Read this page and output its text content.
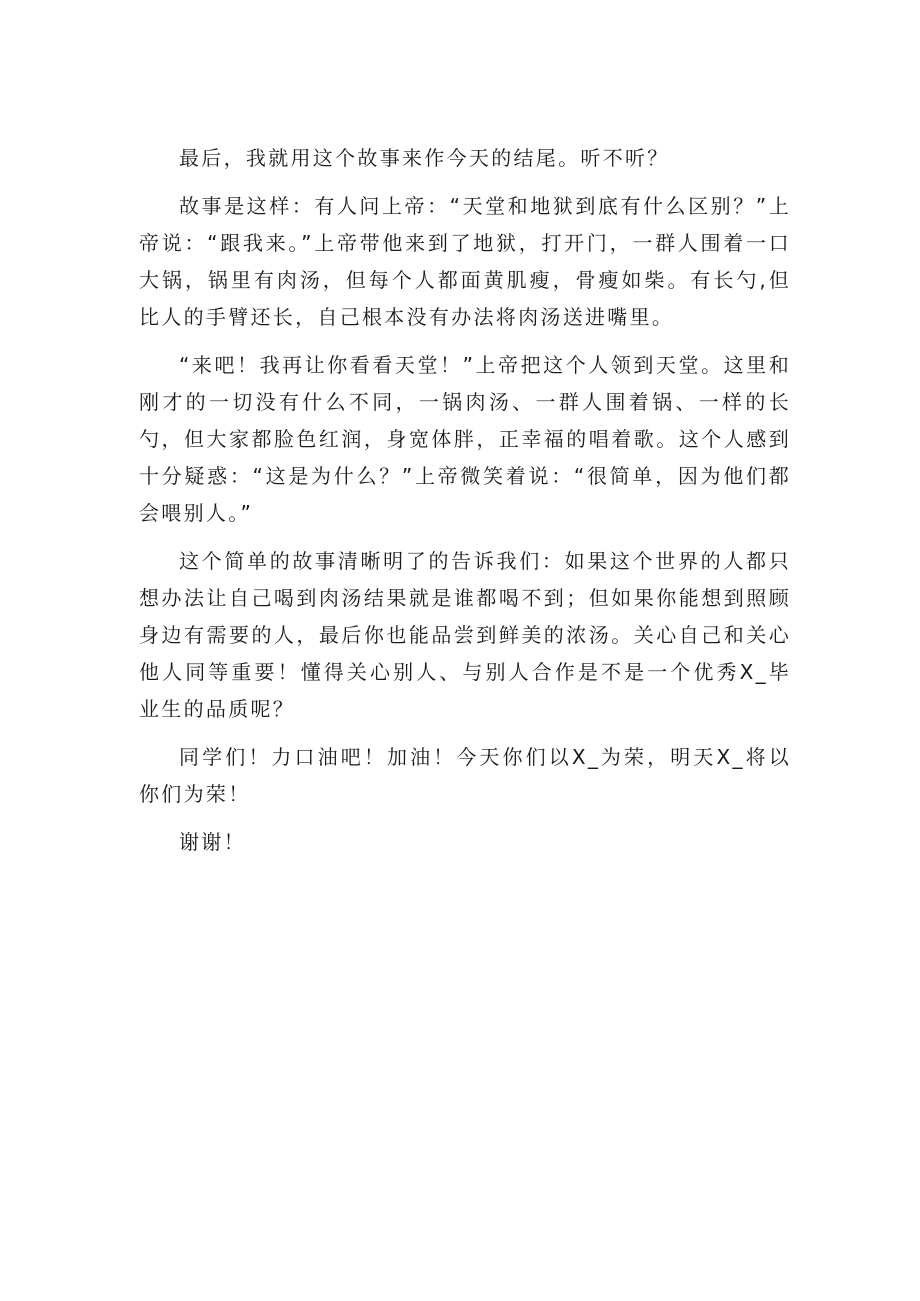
最后，我就用这个故事来作今天的结尾。听不听？

故事是这样：有人问上帝：“天堂和地狱到底有什么区别？”上帝说：“跟我来。”上帝带他来到了地狱，打开门，一群人围着一口大锅，锅里有肉汤，但每个人都面黄肌瘦，骨瘦如柴。有长勺,但比人的手臂还长，自己根本没有办法将肉汤送进嘴里。

“来吧！我再让你看看天堂！”上帝把这个人领到天堂。这里和刚才的一切没有什么不同，一锅肉汤、一群人围着锅、一样的长勺，但大家都脸色红润，身宽体胖，正幸福的唱着歌。这个人感到十分疑惑：“这是为什么？”上帝微笑着说：“很简单，因为他们都会喂别人。”

这个简单的故事清晰明了的告诉我们：如果这个世界的人都只想办法让自己喝到肉汤结果就是谁都喝不到；但如果你能想到照顾身边有需要的人，最后你也能品尝到鲜美的浓汤。关心自己和关心他人同等重要！懂得关心别人、与别人合作是不是一个优秀X_毕业生的品质呢？

同学们！力口油吧！加油！今天你们以X_为荣，明天X_将以你们为荣！

谢谢！
